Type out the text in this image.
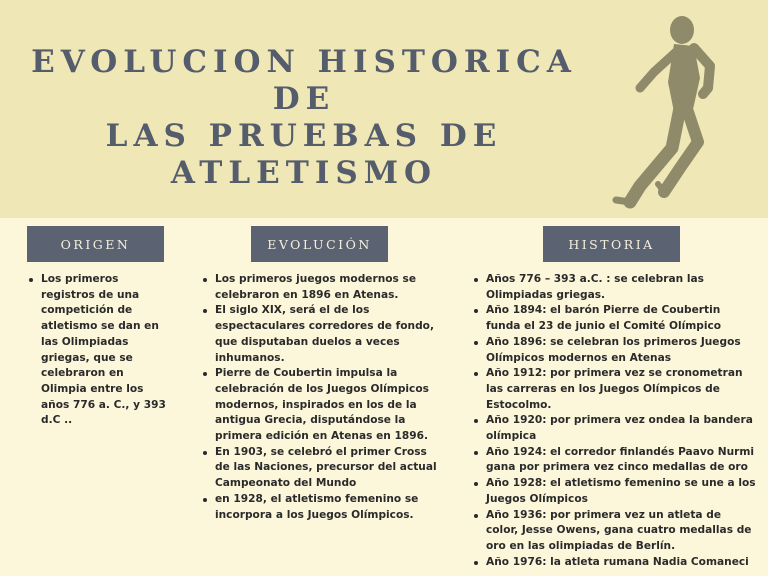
EVOLUCION HISTORICA DE
LAS PRUEBAS DE
ATLETISMO
ORIGEN	EVOLUCIÓN	HISTORIA
Los primeros registros de una competición de atletismo se dan en las Olimpiadas griegas, que se celebraron en Olimpia entre los años 776 a. C., y 393 d.C ..
Los primeros juegos modernos se celebraron en 1896 en Atenas.
El siglo XIX, será el de los espectaculares corredores de fondo, que disputaban duelos a veces inhumanos.
Pierre de Coubertin impulsa la celebración de los Juegos Olímpicos modernos, inspirados en los de la antigua Grecia, disputándose la primera edición en Atenas en 1896.
En 1903, se celebró el primer Cross de las Naciones, precursor del actual Campeonato del Mundo
en 1928, el atletismo femenino se incorpora a los Juegos Olímpicos.
Años 776 – 393 a.C. : se celebran las Olimpiadas griegas.
Año 1894: el barón Pierre de Coubertin funda el 23 de junio el Comité Olímpico
Año 1896: se celebran los primeros Juegos Olímpicos modernos en Atenas
Año 1912: por primera vez se cronometran las carreras en los Juegos Olímpicos de Estocolmo.
Año 1920: por primera vez ondea la bandera olímpica
Año 1924: el corredor finlandés Paavo Nurmi gana por primera vez cinco medallas de oro
Año 1928: el atletismo femenino se une a los Juegos Olímpicos
Año 1936: por primera vez un atleta de color, Jesse Owens, gana cuatro medallas de oro en las olimpiadas de Berlín.
Año 1976: la atleta rumana Nadia Comaneci
